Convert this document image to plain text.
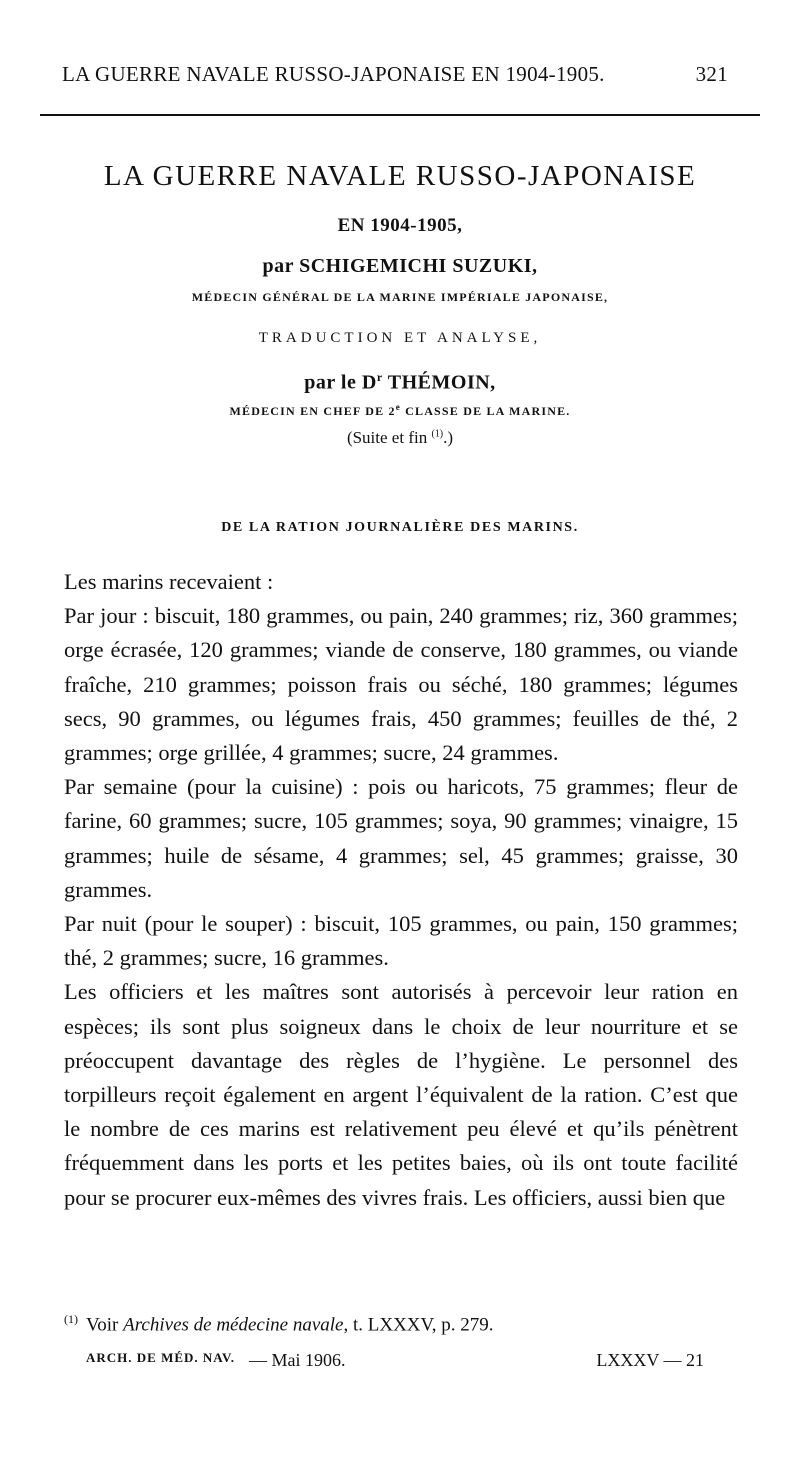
LA GUERRE NAVALE RUSSO-JAPONAISE EN 1904-1905.	321
LA GUERRE NAVALE RUSSO-JAPONAISE
EN 1904-1905,
par SCHIGEMICHI SUZUKI,
MÉDECIN GÉNÉRAL DE LA MARINE IMPÉRIALE JAPONAISE,
TRADUCTION ET ANALYSE,
par le $D^r$ THÉMOIN,
MÉDECIN EN CHEF DE 2e CLASSE DE LA MARINE.
(Suite et fin $^{(1)}$.)
DE LA RATION JOURNALIÈRE DES MARINS.

Les marins recevaient :

Par jour : biscuit, 180 grammes, ou pain, 240 grammes; riz, 360 grammes; orge écrasée, 120 grammes; viande de conserve, 180 grammes, ou viande fraîche, 210 grammes; poisson frais ou séché, 180 grammes; légumes secs, 90 grammes, ou légumes frais, 450 grammes; feuilles de thé, 2 grammes; orge grillée, 4 grammes; sucre, 24 grammes.

Par semaine (pour la cuisine) : pois ou haricots, 75 grammes; fleur de farine, 60 grammes; sucre, 105 grammes; soya, 90 grammes; vinaigre, 15 grammes; huile de sésame, 4 grammes; sel, 45 grammes; graisse, 30 grammes.

Par nuit (pour le souper) : biscuit, 105 grammes, ou pain, 150 grammes; thé, 2 grammes; sucre, 16 grammes.

Les officiers et les maîtres sont autorisés à percevoir leur ration en espèces; ils sont plus soigneux dans le choix de leur nourriture et se préoccupent davantage des règles de l’hygiène. Le personnel des torpilleurs reçoit également en argent l’équivalent de la ration. C’est que le nombre de ces marins est relativement peu élevé et qu’ils pénètrent fréquemment dans les ports et les petites baies, où ils ont toute facilité pour se procurer eux-mêmes des vivres frais. Les officiers, aussi bien que

$^{(1)}$ Voir Archives de médecine navale, t. LXXXV, p. 279.
ARCH. DE MÉD. NAV. — Mai 1906.	LXXXV — 21
